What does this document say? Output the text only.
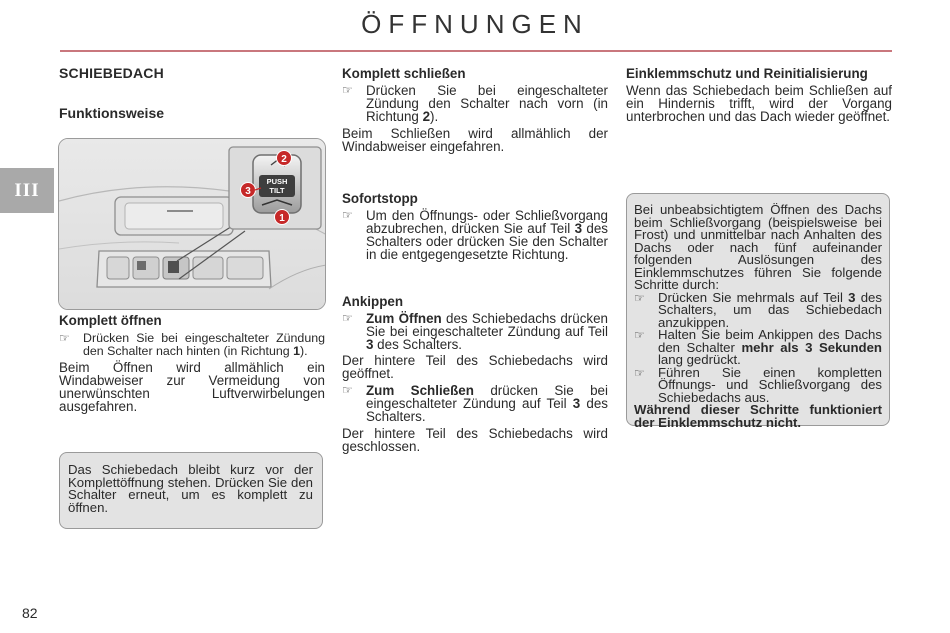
ÖFFNUNGEN
III
SCHIEBEDACH
Funktionsweise
PUSH
TILT
2
3
1
Komplett öffnen
☞	Drücken Sie bei eingeschalteter Zündung den Schalter nach hinten (in Richtung 1).
Beim Öffnen wird allmählich ein Windabweiser zur Vermeidung von unerwünschten Luftverwirbelungen ausgefahren.

Das Schiebedach bleibt kurz vor der Komplettöffnung stehen. Drücken Sie den Schalter erneut, um es komplett zu öffnen.

Komplett schließen
☞ Drücken Sie bei eingeschalteter Zündung den Schalter nach vorn (in Richtung 2).
Beim Schließen wird allmählich der Windabweiser eingefahren.
Sofortstopp
☞ Um den Öffnungs- oder Schließvorgang abzubrechen, drücken Sie auf Teil 3 des Schalters oder drücken Sie den Schalter in die entgegengesetzte Richtung.
Ankippen
☞ Zum Öffnen des Schiebedachs drücken Sie bei eingeschalteter Zündung auf Teil 3 des Schalters.
Der hintere Teil des Schiebedachs wird geöffnet.
☞ Zum Schließen drücken Sie bei eingeschalteter Zündung auf Teil 3 des Schalters.
Der hintere Teil des Schiebedachs wird geschlossen.
Einklemmschutz und Reinitialisierung
Wenn das Schiebedach beim Schließen auf ein Hindernis trifft, wird der Vorgang unterbrochen und das Dach wieder geöffnet.

Bei unbeabsichtigtem Öffnen des Dachs beim Schließvorgang (beispielsweise bei Frost) und unmittelbar nach Anhalten des Dachs oder nach fünf aufeinander folgenden Auslösungen des Einklemmschutzes führen Sie folgende Schritte durch:

☞	Drücken Sie mehrmals auf Teil 3 des Schalters, um das Schiebedach anzukippen.
☞	Halten Sie beim Ankippen des Dachs den Schalter mehr als 3 Sekunden lang gedrückt.
☞	Führen Sie einen kompletten Öffnungs- und Schließvorgang des Schiebedachs aus.

Während dieser Schritte funktioniert der Einklemmschutz nicht.

82
